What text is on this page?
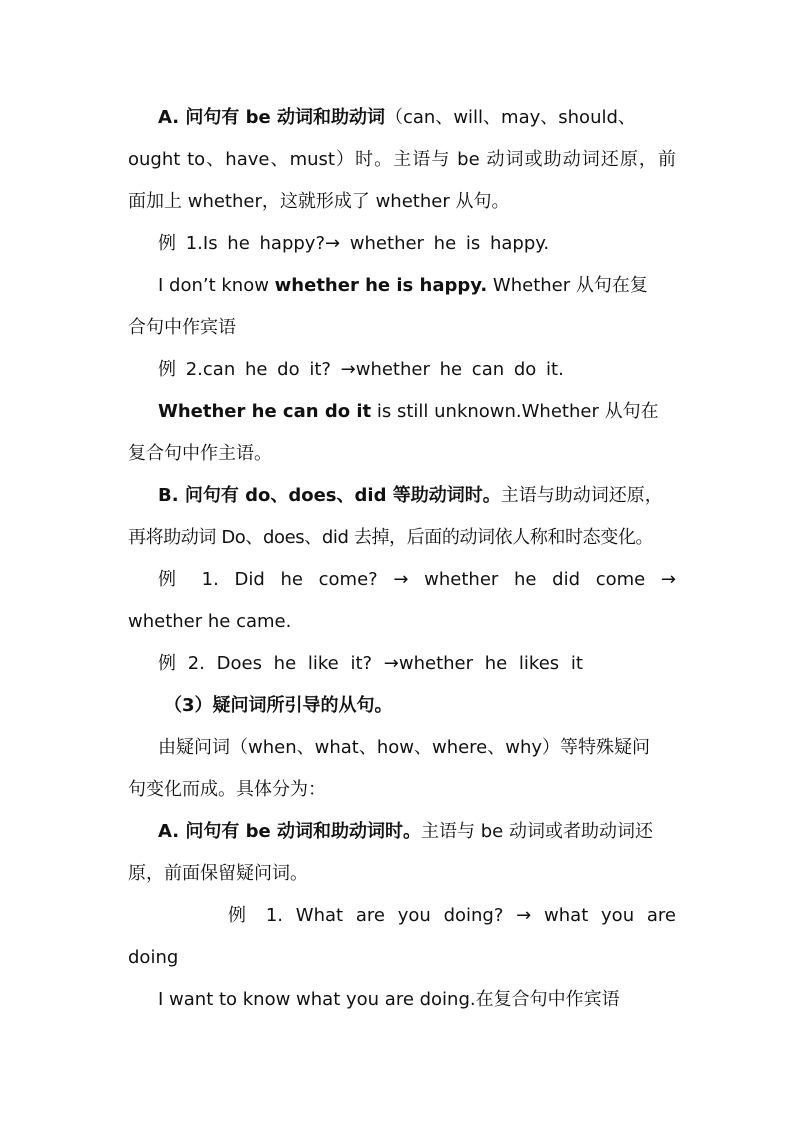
A. 问句有 be 动词和助动词（can、will、may、should、
ought to、have、must）时。主语与 be 动词或助动词还原，前
面加上 whether，这就形成了 whether 从句。
例 1.Is he happy?→ whether he is happy.
I don’t know whether he is happy. Whether 从句在复
合句中作宾语
例 2.can he do it? →whether he can do it.
Whether he can do it is still unknown.Whether 从句在
复合句中作主语。
B. 问句有 do、does、did 等助动词时。主语与助动词还原，
再将助动词 Do、does、did 去掉，后面的动词依人称和时态变化。
例 1. Did he come? → whether he did come →
whether he came.
例 2. Does he like it? →whether he likes it
（3）疑问词所引导的从句。
由疑问词（when、what、how、where、why）等特殊疑问
句变化而成。具体分为：
A. 问句有 be 动词和助动词时。主语与 be 动词或者助动词还
原，前面保留疑问词。
例 1. What are you doing? → what you are
doing
I want to know what you are doing.在复合句中作宾语
